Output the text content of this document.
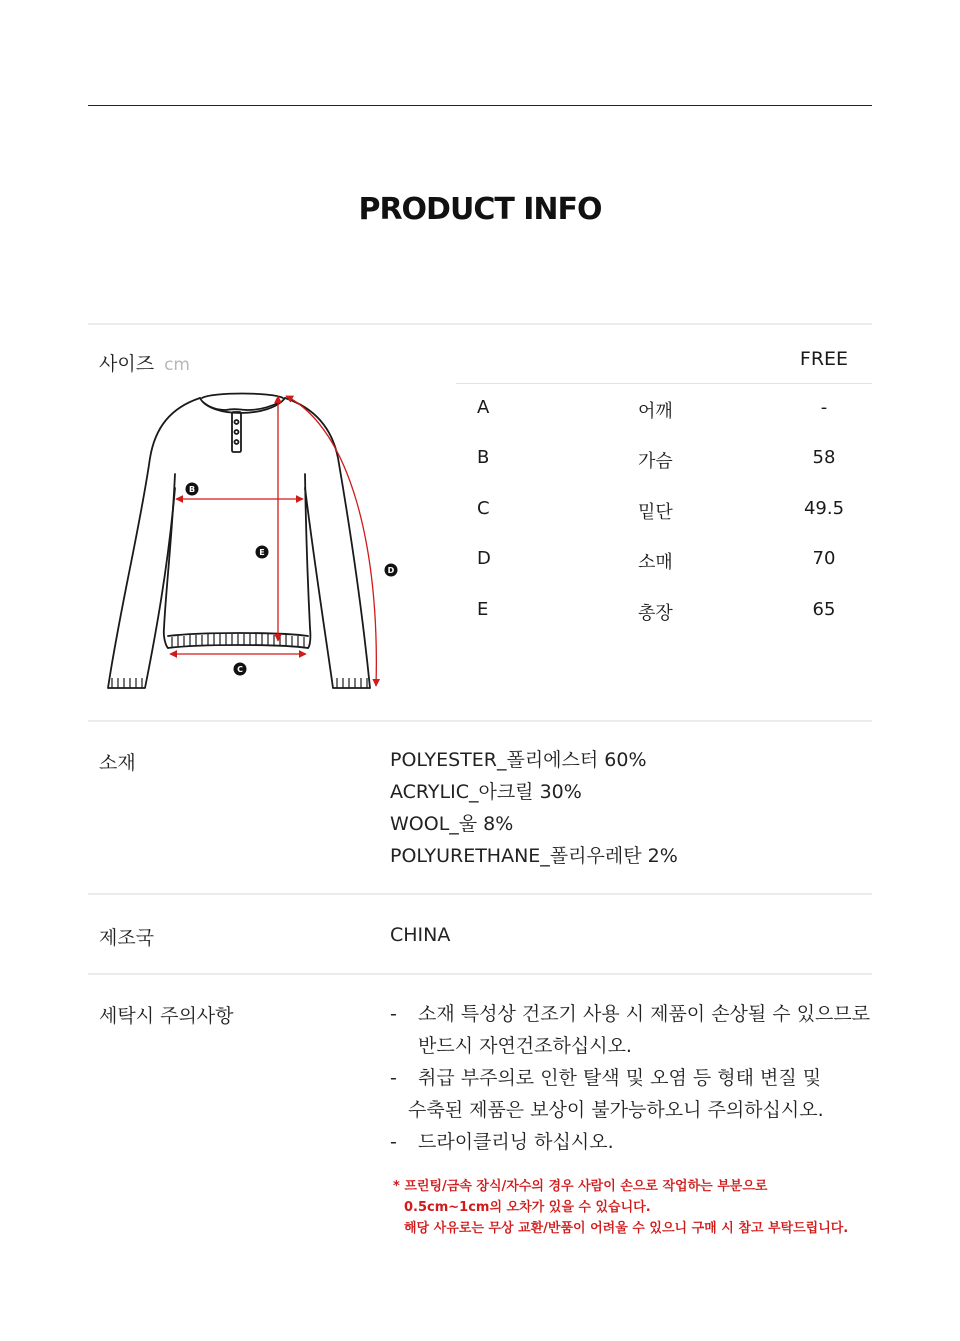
PRODUCT INFO
사이즈 cm	FREE
A	어깨	-
B	가슴	58
C	밑단	49.5
D	소매	70
E	총장	65
B
E
D
C
소재	POLYESTER_폴리에스터 60%
ACRYLIC_아크릴 30%
WOOL_울 8%
POLYURETHANE_폴리우레탄 2%
제조국	CHINA
세탁시 주의사항	- 소재 특성상 건조기 사용 시 제품이 손상될 수 있으므로
반드시 자연건조하십시오.
- 취급 부주의로 인한 탈색 및 오염 등 형태 변질 및
수축된 제품은 보상이 불가능하오니 주의하십시오.
- 드라이클리닝 하십시오.
* 프린팅/금속 장식/자수의 경우 사람이 손으로 작업하는 부분으로
0.5cm~1cm의 오차가 있을 수 있습니다.
해당 사유로는 무상 교환/반품이 어려울 수 있으니 구매 시 참고 부탁드립니다.
